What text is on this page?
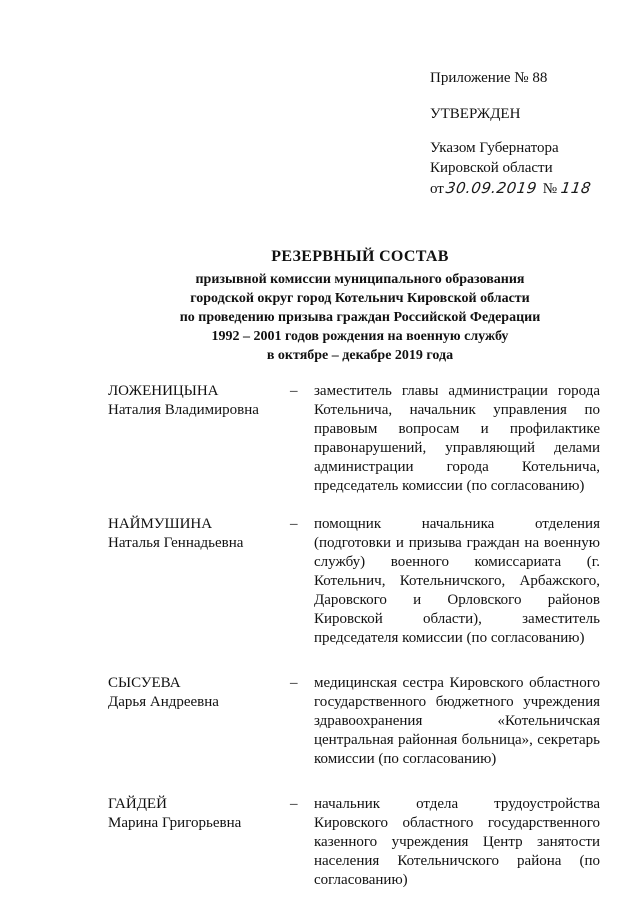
Приложение № 88

УТВЕРЖДЕН

Указом Губернатора
Кировской области
от30.09.2019 № 118

РЕЗЕРВНЫЙ СОСТАВ

призывной комиссии муниципального образования

городской округ город Котельнич Кировской области

по проведению призыва граждан Российской Федерации

1992 – 2001 годов рождения на военную службу

в октябре – декабре 2019 года

ЛОЖЕНИЦЫНА
Наталия Владимировна
–	заместитель главы администрации города Котельнича, начальник управления по правовым вопросам и профилактике правонарушений, управляющий делами администрации города Котельнича, председатель комиссии (по согласованию)
НАЙМУШИНА
Наталья Геннадьевна
–	помощник начальника отделения (подготовки и призыва граждан на военную службу) военного комиссариата (г. Котельнич, Котельничского, Арбажского, Даровского и Орловского районов Кировской области), заместитель председателя комиссии (по согласованию)
СЫСУЕВА
Дарья Андреевна
–	медицинская сестра Кировского областного государственного бюджетного учреждения здравоохранения «Котельничская центральная районная больница», секретарь комиссии (по согласованию)
ГАЙДЕЙ
Марина Григорьевна
–	начальник отдела трудоустройства Кировского областного государственного казенного учреждения Центр занятости населения Котельничского района (по согласованию)
